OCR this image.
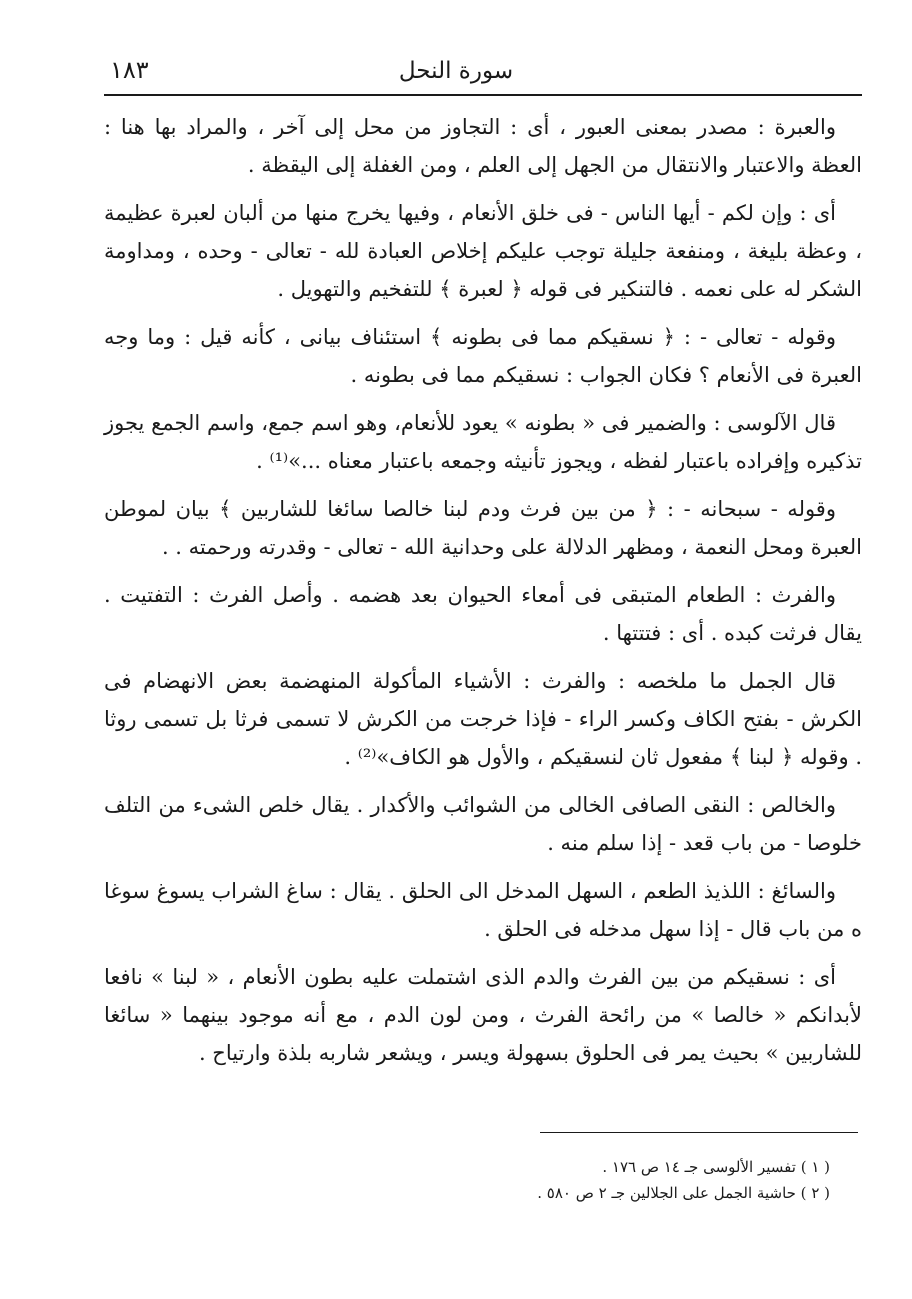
سورة النحل
١٨٣

والعبرة : مصدر بمعنى العبور ، أى : التجاوز من محل إلى آخر ، والمراد بها هنا : العظة والاعتبار والانتقال من الجهل إلى العلم ، ومن الغفلة إلى اليقظة .

أى : وإن لكم - أيها الناس - فى خلق الأنعام ، وفيها يخرج منها من ألبان لعبرة عظيمة ، وعظة بليغة ، ومنفعة جليلة توجب عليكم إخلاص العبادة لله - تعالى - وحده ، ومداومة الشكر له على نعمه . فالتنكير فى قوله ﴿ لعبرة ﴾ للتفخيم والتهويل .

وقوله - تعالى - : ﴿ نسقيكم مما فى بطونه ﴾ استئناف بيانى ، كأنه قيل : وما وجه العبرة فى الأنعام ؟ فكان الجواب : نسقيكم مما فى بطونه .

قال الآلوسى : والضمير فى « بطونه » يعود للأنعام، وهو اسم جمع، واسم الجمع يجوز تذكيره وإفراده باعتبار لفظه ، ويجوز تأنيثه وجمعه باعتبار معناه ...»⁽¹⁾ .

وقوله - سبحانه - : ﴿ من بين فرث ودم لبنا خالصا سائغا للشاربين ﴾ بيان لموطن العبرة ومحل النعمة ، ومظهر الدلالة على وحدانية الله - تعالى - وقدرته ورحمته . .

والفرث : الطعام المتبقى فى أمعاء الحيوان بعد هضمه . وأصل الفرث : التفتيت . يقال فرثت كبده . أى : فتتتها .

قال الجمل ما ملخصه : والفرث : الأشياء المأكولة المنهضمة بعض الانهضام فى الكرش - بفتح الكاف وكسر الراء - فإذا خرجت من الكرش لا تسمى فرثا بل تسمى روثا . وقوله ﴿ لبنا ﴾ مفعول ثان لنسقيكم ، والأول هو الكاف»⁽²⁾ .

والخالص : النقى الصافى الخالى من الشوائب والأكدار . يقال خلص الشىء من التلف خلوصا - من باب قعد - إذا سلم منه .

والسائغ : اللذيذ الطعم ، السهل المدخل الى الحلق . يقال : ساغ الشراب يسوغ سوغا ه من باب قال - إذا سهل مدخله فى الحلق .

أى : نسقيكم من بين الفرث والدم الذى اشتملت عليه بطون الأنعام ، « لبنا » نافعا لأبدانكم « خالصا » من رائحة الفرث ، ومن لون الدم ، مع أنه موجود بينهما « سائغا للشاربين » بحيث يمر فى الحلوق بسهولة ويسر ، ويشعر شاربه بلذة وارتياح .

( ١ ) تفسير الألوسى جـ ١٤ ص ١٧٦ .

( ٢ ) حاشية الجمل على الجلالين جـ ٢ ص ٥٨٠ .
